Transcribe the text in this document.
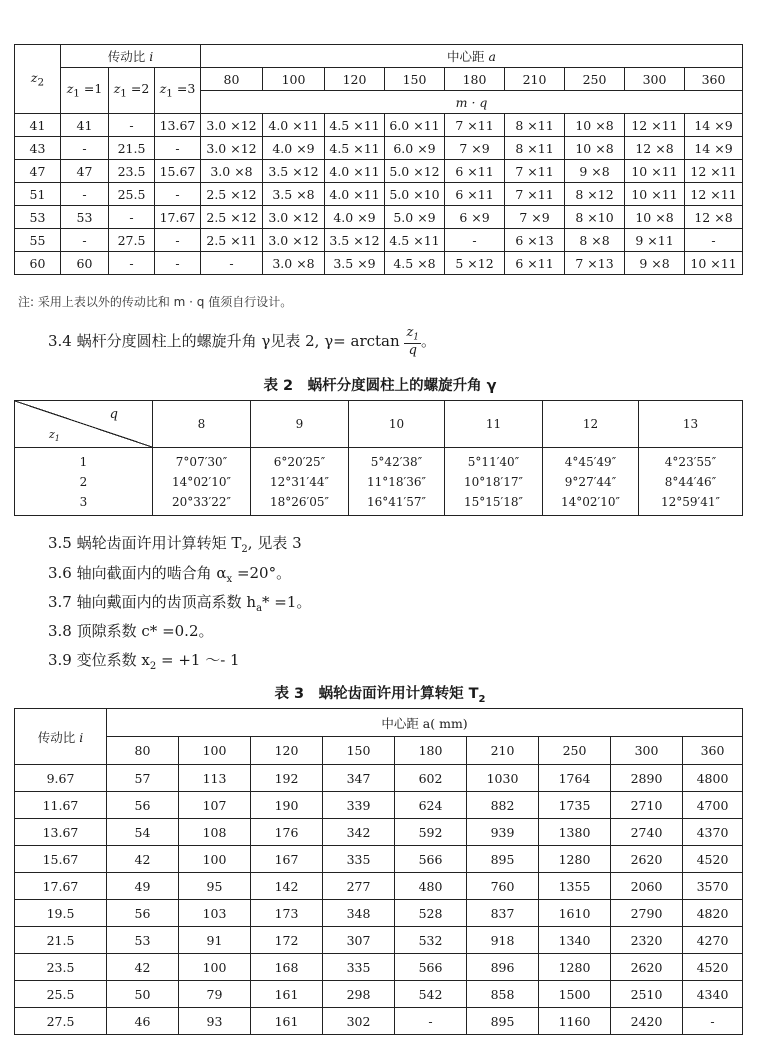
$z_2$	传动比 i			中心距 a								
	$z_1 =1$	$z_1 =2$	$z_1 =3$	80	100	120	150	180	210	250	300	360
				m · q								
41	41	-	13.67	3.0 ×12	4.0 ×11	4.5 ×11	6.0 ×11	7 ×11	8 ×11	10 ×8	12 ×11	14 ×9
43	-	21.5	-	3.0 ×12	4.0 ×9	4.5 ×11	6.0 ×9	7 ×9	8 ×11	10 ×8	12 ×8	14 ×9
47	47	23.5	15.67	3.0 ×8	3.5 ×12	4.0 ×11	5.0 ×12	6 ×11	7 ×11	9 ×8	10 ×11	12 ×11
51	-	25.5	-	2.5 ×12	3.5 ×8	4.0 ×11	5.0 ×10	6 ×11	7 ×11	8 ×12	10 ×11	12 ×11
53	53	-	17.67	2.5 ×12	3.0 ×12	4.0 ×9	5.0 ×9	6 ×9	7 ×9	8 ×10	10 ×8	12 ×8
55	-	27.5	-	2.5 ×11	3.0 ×12	3.5 ×12	4.5 ×11	-	6 ×13	8 ×8	9 ×11	-
60	60	-	-	-	3.0 ×8	3.5 ×9	4.5 ×8	5 ×12	6 ×11	7 ×13	9 ×8	10 ×11
注: 采用上表以外的传动比和 m · q 值须自行设计。
3.4 蜗杆分度圆柱上的螺旋升角 γ见表 2, $\gamma= \arctan \frac{z_1}{q}$ 。
表 2　蜗杆分度圆柱上的螺旋升角 γ
q
$z_1$	8	9	10	11	12	13
1	7°07′30″	6°20′25″	5°42′38″	5°11′40″	4°45′49″	4°23′55″
2	14°02′10″	12°31′44″	11°18′36″	10°18′17″	9°27′44″	8°44′46″
3	20°33′22″	18°26′05″	16°41′57″	15°15′18″	14°02′10″	12°59′41″
3.5 蜗轮齿面许用计算转矩 $T_2$, 见表 3
3.6 轴向截面内的啮合角 $\alpha_x =20^\circ$。
3.7 轴向戴面内的齿顶高系数 $h_a* =1$。
3.8 顶隙系数 c* =0.2。
3.9 变位系数 $x_2 = +1$ ～- 1
表 3　蜗轮齿面许用计算转矩 $T_2$
传动比 i	中心距 a( mm)								
	80	100	120	150	180	210	250	300	360
9.67	57	113	192	347	602	1030	1764	2890	4800
11.67	56	107	190	339	624	882	1735	2710	4700
13.67	54	108	176	342	592	939	1380	2740	4370
15.67	42	100	167	335	566	895	1280	2620	4520
17.67	49	95	142	277	480	760	1355	2060	3570
19.5	56	103	173	348	528	837	1610	2790	4820
21.5	53	91	172	307	532	918	1340	2320	4270
23.5	42	100	168	335	566	896	1280	2620	4520
25.5	50	79	161	298	542	858	1500	2510	4340
27.5	46	93	161	302	-	895	1160	2420	-
